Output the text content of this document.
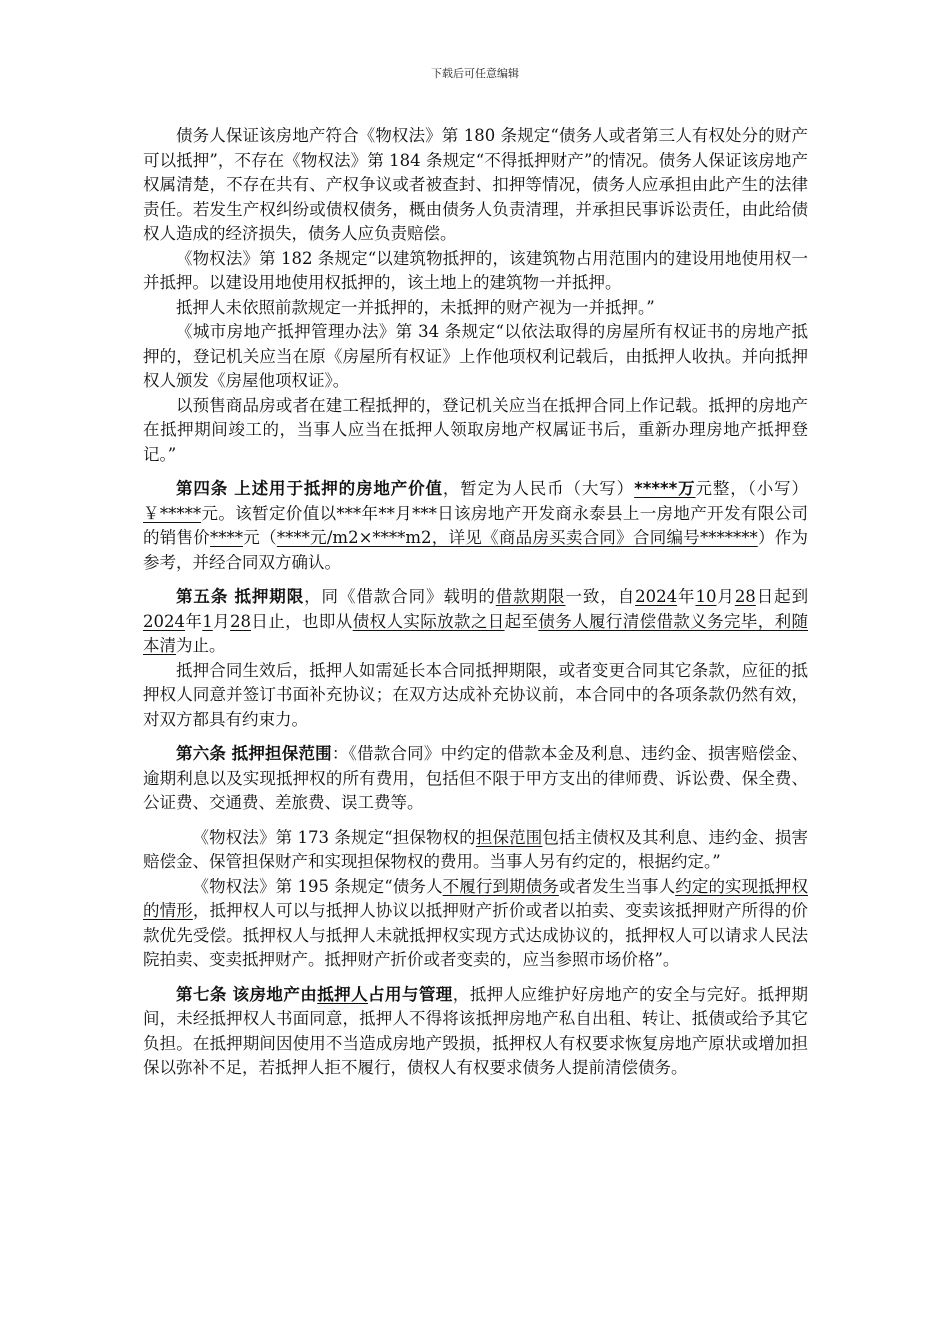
下载后可任意编辑

债务人保证该房地产符合《物权法》第 180 条规定“债务人或者第三人有权处分的财产可以抵押”，不存在《物权法》第 184 条规定“不得抵押财产”的情况。债务人保证该房地产权属清楚，不存在共有、产权争议或者被查封、扣押等情况，债务人应承担由此产生的法律责任。若发生产权纠纷或债权债务，概由债务人负责清理，并承担民事诉讼责任，由此给债权人造成的经济损失，债务人应负责赔偿。

《物权法》第 182 条规定“以建筑物抵押的，该建筑物占用范围内的建设用地使用权一并抵押。以建设用地使用权抵押的，该土地上的建筑物一并抵押。

抵押人未依照前款规定一并抵押的，未抵押的财产视为一并抵押。”

《城市房地产抵押管理办法》第 34 条规定“以依法取得的房屋所有权证书的房地产抵押的，登记机关应当在原《房屋所有权证》上作他项权利记载后，由抵押人收执。并向抵押权人颁发《房屋他项权证》。

以预售商品房或者在建工程抵押的，登记机关应当在抵押合同上作记载。抵押的房地产在抵押期间竣工的，当事人应当在抵押人领取房地产权属证书后，重新办理房地产抵押登记。”

第四条 上述用于抵押的房地产价值，暂定为人民币（大写）*****万元整，（小写）￥*****元。该暂定价值以***年**月***日该房地产开发商永泰县上一房地产开发有限公司的销售价****元（****元/m2×****m2，详见《商品房买卖合同》合同编号*******）作为参考，并经合同双方确认。

第五条 抵押期限，同《借款合同》载明的借款期限一致，自2024年10月28日起到2024年1月28日止，也即从债权人实际放款之日起至债务人履行清偿借款义务完毕，利随本清为止。

抵押合同生效后，抵押人如需延长本合同抵押期限，或者变更合同其它条款，应征的抵押权人同意并签订书面补充协议；在双方达成补充协议前，本合同中的各项条款仍然有效，对双方都具有约束力。

第六条 抵押担保范围：《借款合同》中约定的借款本金及利息、违约金、损害赔偿金、逾期利息以及实现抵押权的所有费用，包括但不限于甲方支出的律师费、诉讼费、保全费、公证费、交通费、差旅费、误工费等。

《物权法》第 173 条规定“担保物权的担保范围包括主债权及其利息、违约金、损害赔偿金、保管担保财产和实现担保物权的费用。当事人另有约定的，根据约定。”

《物权法》第 195 条规定“债务人不履行到期债务或者发生当事人约定的实现抵押权的情形，抵押权人可以与抵押人协议以抵押财产折价或者以拍卖、变卖该抵押财产所得的价款优先受偿。抵押权人与抵押人未就抵押权实现方式达成协议的，抵押权人可以请求人民法院拍卖、变卖抵押财产。抵押财产折价或者变卖的，应当参照市场价格”。

第七条 该房地产由抵押人占用与管理，抵押人应维护好房地产的安全与完好。抵押期间，未经抵押权人书面同意，抵押人不得将该抵押房地产私自出租、转让、抵债或给予其它负担。在抵押期间因使用不当造成房地产毁损，抵押权人有权要求恢复房地产原状或增加担保以弥补不足，若抵押人拒不履行，债权人有权要求债务人提前清偿债务。
